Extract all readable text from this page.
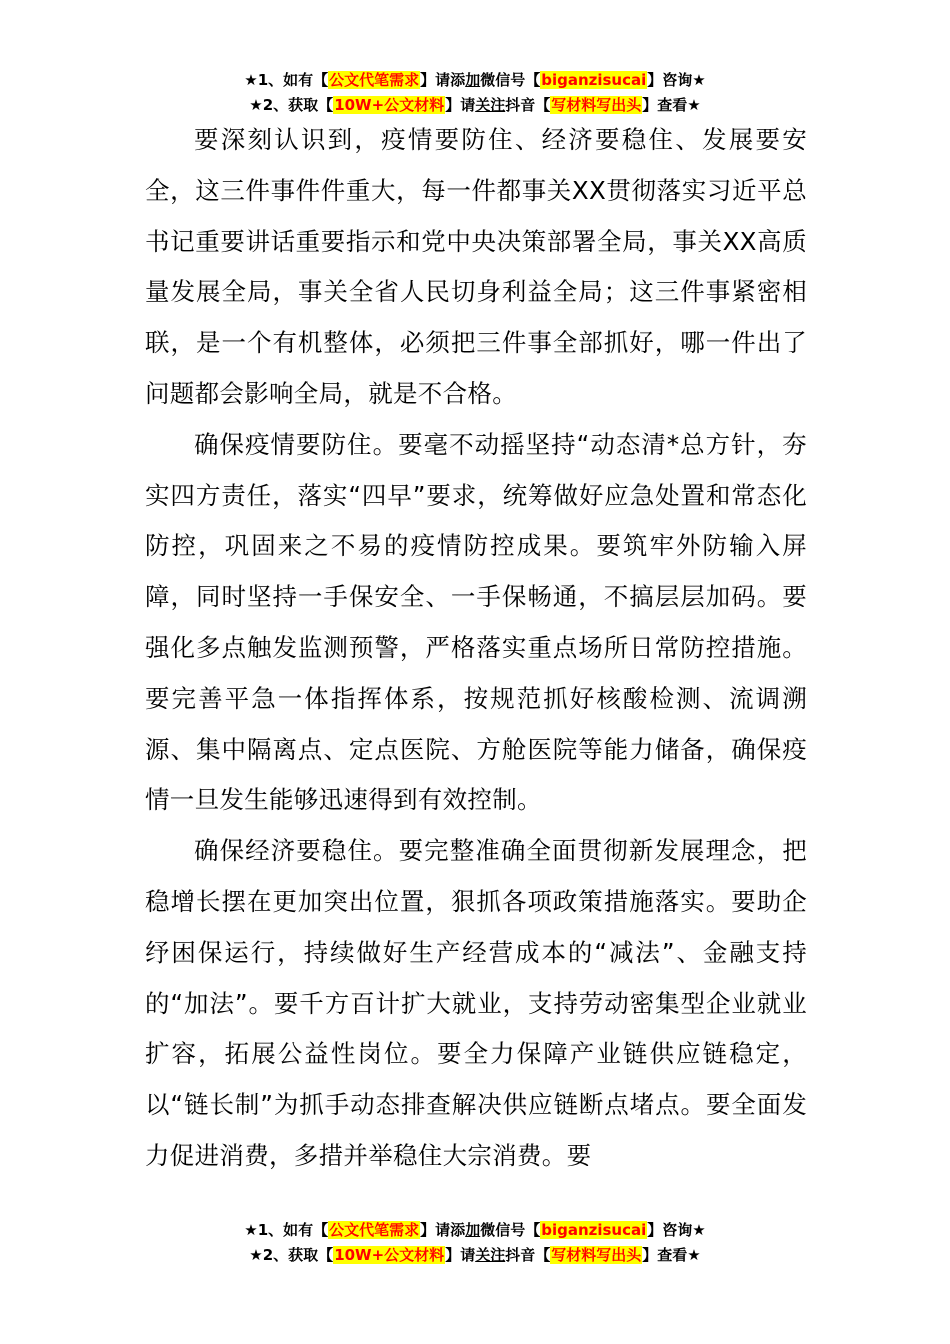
★1、如有【公文代笔需求】请添加微信号【biganzisucai】咨询★
★2、获取【10W+公文材料】请关注抖音【写材料写出头】查看★

要深刻认识到，疫情要防住、经济要稳住、发展要安全，这三件事件件重大，每一件都事关XX贯彻落实习近平总书记重要讲话重要指示和党中央决策部署全局，事关XX高质量发展全局，事关全省人民切身利益全局；这三件事紧密相联，是一个有机整体，必须把三件事全部抓好，哪一件出了问题都会影响全局，就是不合格。

确保疫情要防住。要毫不动摇坚持“动态清*总方针，夯实四方责任，落实“四早”要求，统筹做好应急处置和常态化防控，巩固来之不易的疫情防控成果。要筑牢外防输入屏障，同时坚持一手保安全、一手保畅通，不搞层层加码。要强化多点触发监测预警，严格落实重点场所日常防控措施。要完善平急一体指挥体系，按规范抓好核酸检测、流调溯源、集中隔离点、定点医院、方舱医院等能力储备，确保疫情一旦发生能够迅速得到有效控制。

确保经济要稳住。要完整准确全面贯彻新发展理念，把稳增长摆在更加突出位置，狠抓各项政策措施落实。要助企纾困保运行，持续做好生产经营成本的“减法”、金融支持的“加法”。要千方百计扩大就业，支持劳动密集型企业就业扩容，拓展公益性岗位。要全力保障产业链供应链稳定，以“链长制”为抓手动态排查解决供应链断点堵点。要全面发力促进消费，多措并举稳住大宗消费。要

★1、如有【公文代笔需求】请添加微信号【biganzisucai】咨询★
★2、获取【10W+公文材料】请关注抖音【写材料写出头】查看★
